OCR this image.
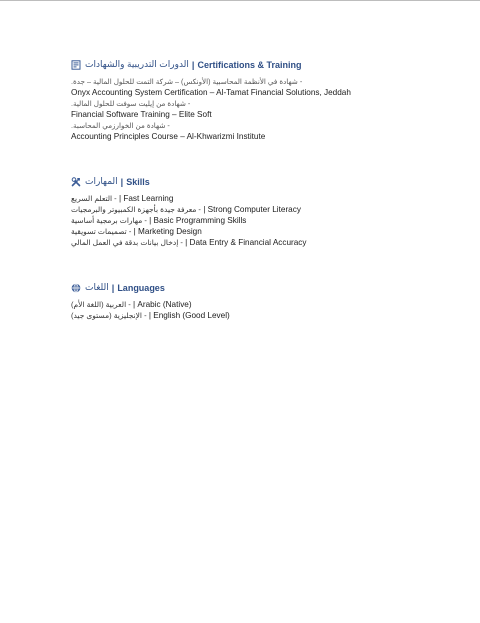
الدورات التدريبية والشهادات | Certifications & Training
- شهادة في الأنظمة المحاسبية (الأونكس) – شركة التمت للحلول المالية – جدة.
Onyx Accounting System Certification – Al-Tamat Financial Solutions, Jeddah
- شهادة من إيليت سوفت للحلول المالية.
Financial Software Training – Elite Soft
- شهادة من الخوارزمي المحاسبة.
Accounting Principles Course – Al-Khwarizmi Institute
المهارات | Skills
- التعلم السريع | Fast Learning
- معرفة جيدة بأجهزة الكمبيوتر والبرمجيات | Strong Computer Literacy
- مهارات برمجية أساسية | Basic Programming Skills
- تصميمات تسويقية | Marketing Design
- إدخال بيانات بدقة في العمل المالي | Data Entry & Financial Accuracy
اللغات | Languages
- العربية (اللغة الأم) | Arabic (Native)
- الإنجليزية (مستوى جيد) | English (Good Level)
